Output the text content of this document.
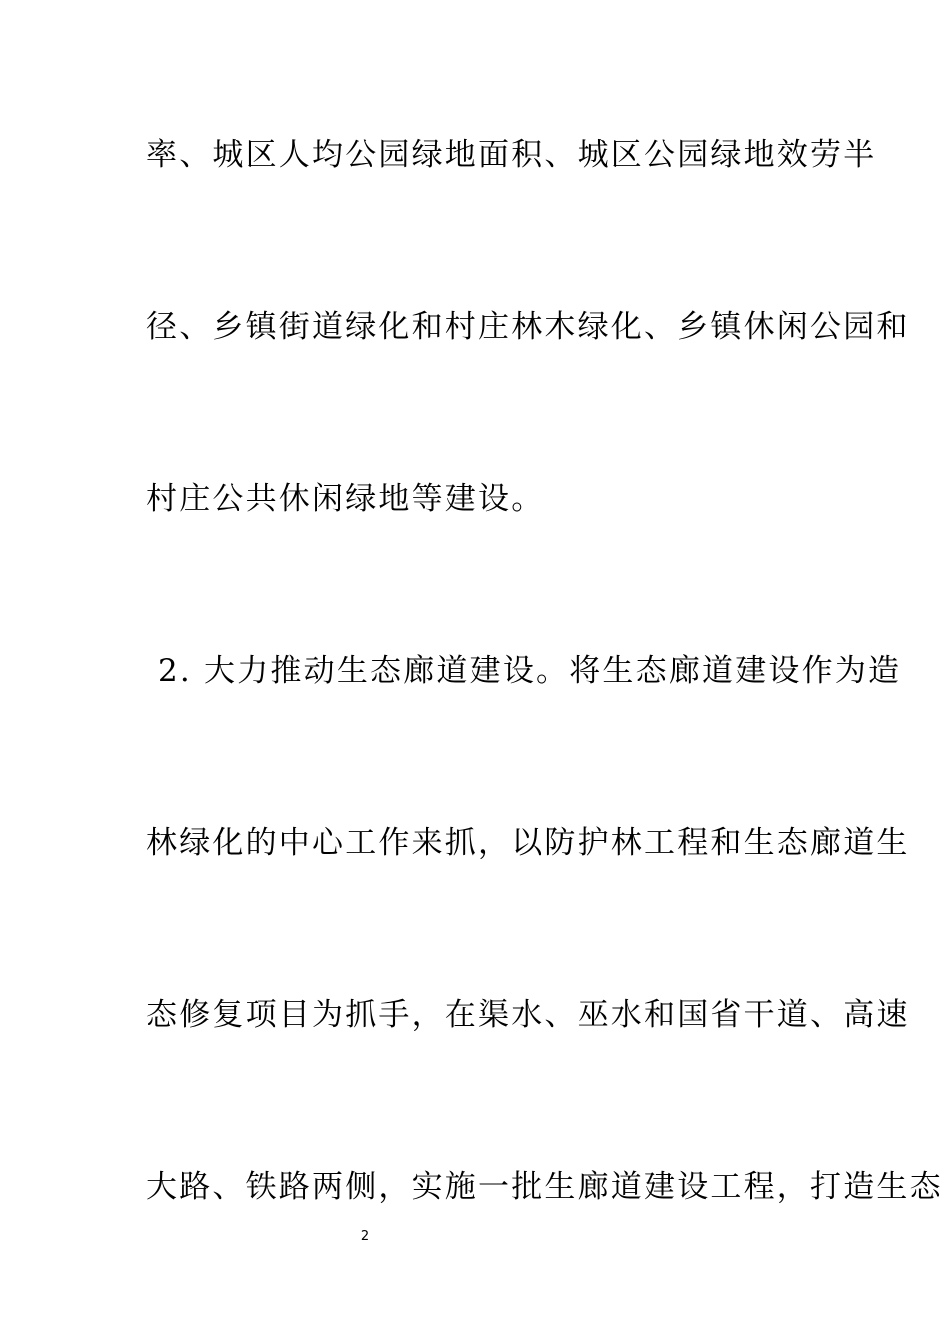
率、城区人均公园绿地面积、城区公园绿地效劳半
径、乡镇街道绿化和村庄林木绿化、乡镇休闲公园和
村庄公共休闲绿地等建设。
2. 大力推动生态廊道建设。将生态廊道建设作为造
林绿化的中心工作来抓，以防护林工程和生态廊道生
态修复项目为抓手，在渠水、巫水和国省干道、高速
大路、铁路两侧，实施一批生廊道建设工程，打造生态
2
